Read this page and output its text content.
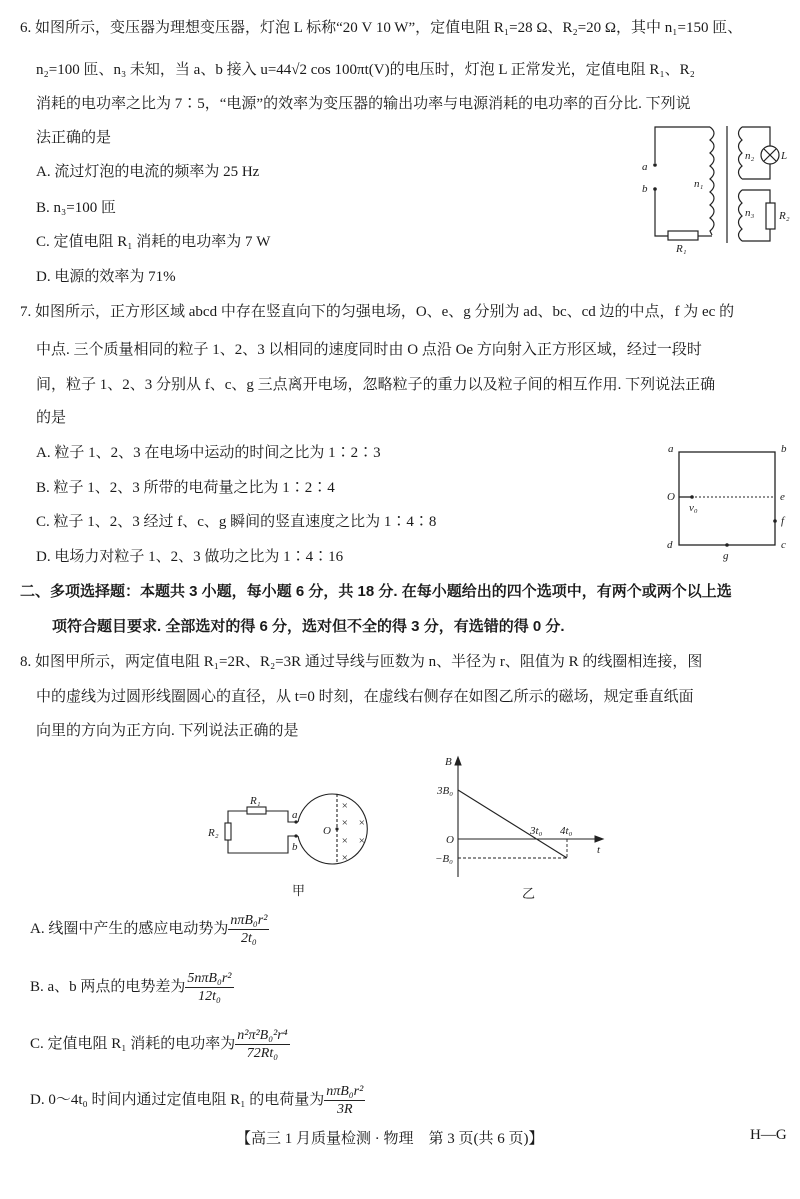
6. 如图所示，变压器为理想变压器，灯泡 L 标称“20 V 10 W”，定值电阻 R₁=28 Ω、R₂=20 Ω，其中 n₁=150 匝、
n₂=100 匝、n₃ 未知，当 a、b 接入 u=44√2 cos 100πt(V)的电压时，灯泡 L 正常发光，定值电阻 R₁、R₂
消耗的电功率之比为 7∶5，“电源”的效率为变压器的输出功率与电源消耗的电功率的百分比. 下列说
法正确的是
A. 流过灯泡的电流的频率为 25 Hz
B. n₃=100 匝
C. 定值电阻 R₁ 消耗的电功率为 7 W
D. 电源的效率为 71%
a
b	n₁
n₂
n₃
L
R₂
R₁
7. 如图所示，正方形区域 abcd 中存在竖直向下的匀强电场，O、e、g 分别为 ad、bc、cd 边的中点，f 为 ec 的
中点. 三个质量相同的粒子 1、2、3 以相同的速度同时由 O 点沿 Oe 方向射入正方形区域，经过一段时
间，粒子 1、2、3 分别从 f、c、g 三点离开电场，忽略粒子的重力以及粒子间的相互作用. 下列说法正确
的是
A. 粒子 1、2、3 在电场中运动的时间之比为 1∶2∶3
B. 粒子 1、2、3 所带的电荷量之比为 1∶2∶4
C. 粒子 1、2、3 经过 f、c、g 瞬间的竖直速度之比为 1∶4∶8
D. 电场力对粒子 1、2、3 做功之比为 1∶4∶16
a	b
O	e
f
d	c
g
v₀
二、多项选择题：本题共 3 小题，每小题 6 分，共 18 分. 在每小题给出的四个选项中，有两个或两个以上选
项符合题目要求. 全部选对的得 6 分，选对但不全的得 3 分，有选错的得 0 分.
8. 如图甲所示，两定值电阻 R₁=2R、R₂=3R 通过导线与匝数为 n、半径为 r、阻值为 R 的线圈相连接，图
中的虚线为过圆形线圈圆心的直径，从 t=0 时刻，在虚线右侧存在如图乙所示的磁场，规定垂直纸面
向里的方向为正方向. 下列说法正确的是
R₁
R₂
a
b
O
×
× ×
× ×
×
甲
B
3B₀
O
−B₀
3t₀ 4t₀
t
乙
A. 线圈中产生的感应电动势为 $\frac{\text{nπB₀r²}}{\text{2t₀}}$
B. a、b 两点的电势差为 $\frac{\text{5nπB₀r²}}{\text{12t₀}}$
C. 定值电阻 R₁ 消耗的电功率为 $\frac{\text{n²π²B₀²r⁴}}{\text{72Rt₀}}$
D. 0～4t₀ 时间内通过定值电阻 R₁ 的电荷量为 $\frac{\text{nπB₀r²}}{3R}$
【高三 1 月质量检测 · 物理　第 3 页(共 6 页)】	H—G
